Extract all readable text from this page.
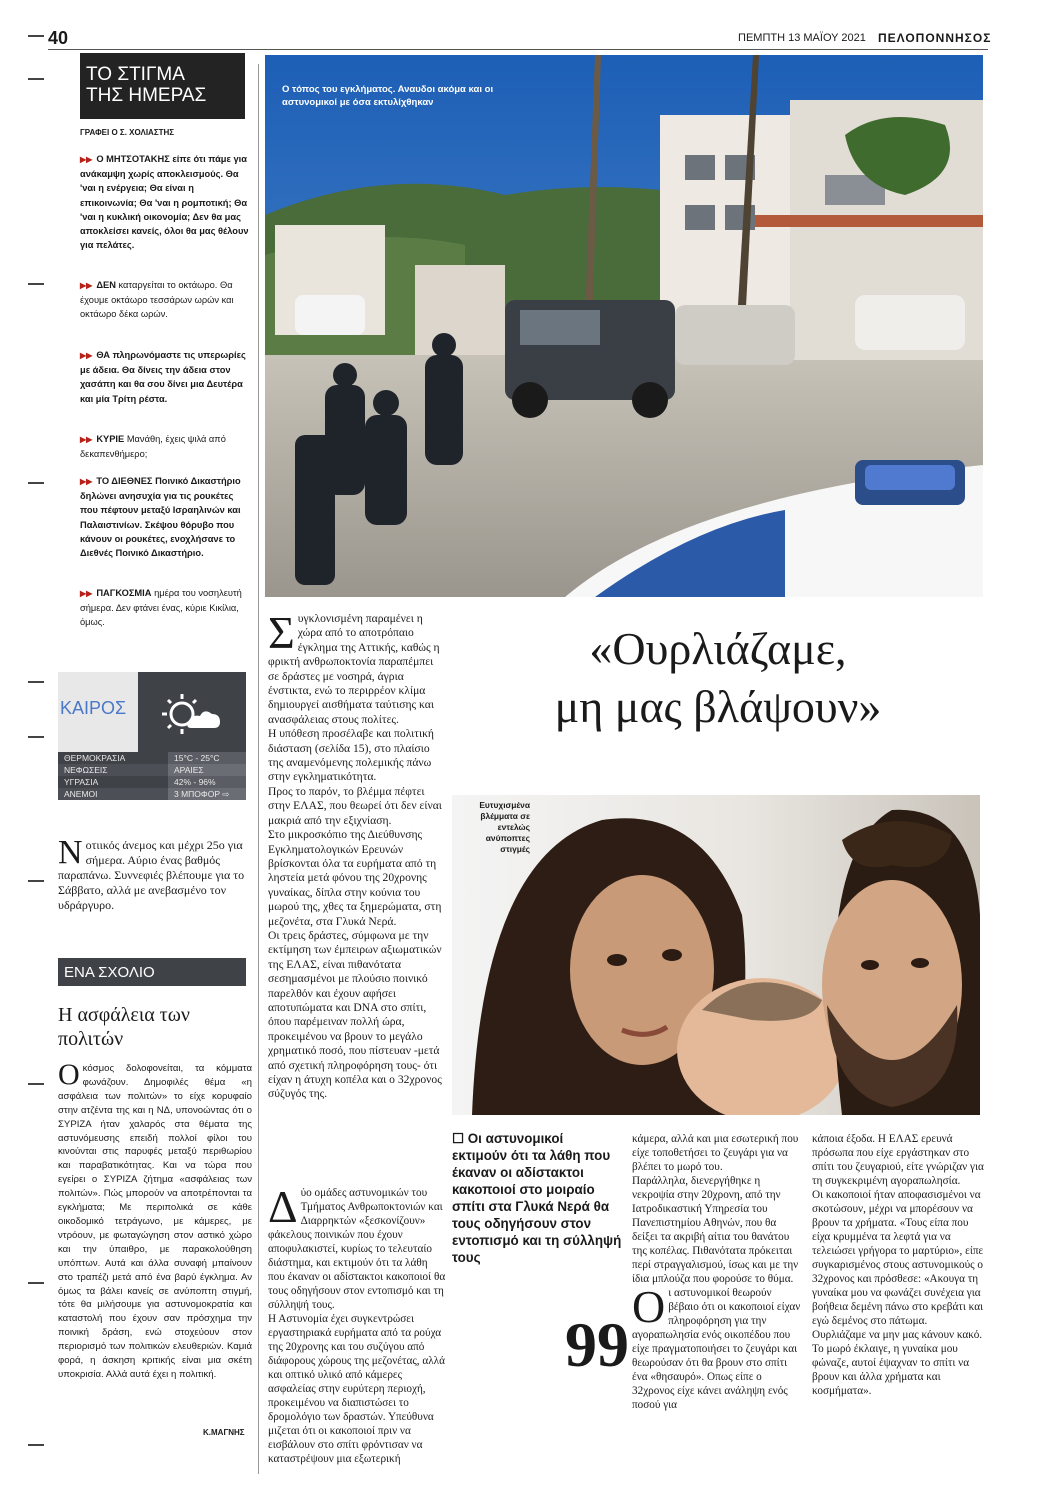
40	ΠΕΜΠΤΗ 13 ΜΑΪΟΥ 2021 ΠΕΛΟΠΟΝΝΗΣΟΣ
ΤΟ ΣΤΙΓΜΑ
ΤΗΣ ΗΜΕΡΑΣ
ΓΡΑΦΕΙ Ο Σ. ΧΟΛΙΑΣΤΗΣ
▶▶ Ο ΜΗΤΣΟΤΑΚΗΣ είπε ότι πάμε για ανάκαμψη χωρίς αποκλεισμούς. Θα 'ναι η ενέργεια; Θα είναι η επικοινωνία; Θα 'ναι η ρομποτική; Θα 'ναι η κυκλική οικονομία; Δεν θα μας αποκλείσει κανείς, όλοι θα μας θέλουν για πελάτες.
▶▶ ΔΕΝ καταργείται το οκτάωρο. Θα έχουμε οκτάωρο τεσσάρων ωρών και οκτάωρο δέκα ωρών.
▶▶ ΘΑ πληρωνόμαστε τις υπερωρίες με άδεια. Θα δίνεις την άδεια στον χασάπη και θα σου δίνει μια Δευτέρα και μία Τρίτη ρέστα.
▶▶ ΚΥΡΙΕ Μανάθη, έχεις ψιλά από δεκαπενθήμερο;
▶▶ ΤΟ ΔΙΕΘΝΕΣ Ποινικό Δικαστήριο δηλώνει ανησυχία για τις ρουκέτες που πέφτουν μεταξύ Ισραηλινών και Παλαιστινίων. Σκέψου θόρυβο που κάνουν οι ρουκέτες, ενοχλήσανε το Διεθνές Ποινικό Δικαστήριο.
▶▶ ΠΑΓΚΟΣΜΙΑ ημέρα του νοσηλευτή σήμερα. Δεν φτάνει ένας, κύριε Κικίλια, όμως.
ΚΑΙΡΟΣ
ΘΕΡΜΟΚΡΑΣΙΑ	15°C - 25°C
ΝΕΦΩΣΕΙΣ	ΑΡΑΙΕΣ
ΥΓΡΑΣΙΑ	42% - 96%
ΑΝΕΜΟΙ	3 ΜΠΟΦΟΡ ⇨
Νοτιικός άνεμος και μέχρι 25ο για σήμερα. Αύριο ένας βαθμός παραπάνω. Συννεφιές βλέπουμε για το Σάββατο, αλλά με ανεβασμένο τον υδράργυρο.
ΕΝΑ ΣΧΟΛΙΟ
Η ασφάλεια των πολιτών
Οκόσμος δολοφονείται, τα κόμματα φωνάζουν. Δημοφιλές θέμα «η ασφάλεια των πολιτών» το είχε κορυφαίο στην ατζέντα της και η ΝΔ, υπονοώντας ότι ο ΣΥΡΙΖΑ ήταν χαλαρός στα θέματα της αστυνόμευσης επειδή πολλοί φίλοι του κινούνται στις παρυφές μεταξύ περιθωρίου και παραβατικότητας. Και να τώρα που εγείρει ο ΣΥΡΙΖΑ ζήτημα «ασφάλειας των πολιτών». Πώς μπορούν να αποτρέπονται τα εγκλήματα; Με περιπολικά σε κάθε οικοδομικό τετράγωνο, με κάμερες, με ντρόουν, με φωταγώγηση στον αστικό χώρο και την ύπαιθρο, με παρακολούθηση υπόπτων. Αυτά και άλλα συναφή μπαίνουν στο τραπέζι μετά από ένα βαρύ έγκλημα. Αν όμως τα βάλει κανείς σε ανύποπτη στιγμή, τότε θα μιλήσουμε για αστυνομοκρατία και καταστολή που έχουν σαν πρόσχημα την ποινική δράση, ενώ στοχεύουν στον περιορισμό των πολιτικών ελευθεριών. Καμιά φορά, η άσκηση κριτικής είναι μια σκέτη υποκρισία. Αλλά αυτά έχει η πολιτική.
Κ.ΜΑΓΝΗΣ
Ο τόπος του εγκλήματος. Αναυδοι ακόμα και οι αστυνομικοί με όσα εκτυλίχθηκαν
Συγκλονισμένη παραμένει η χώρα από το αποτρόπαιο έγκλημα της Αττικής, καθώς η φρικτή ανθρωποκτονία παραπέμπει σε δράστες με νοσηρά, άγρια ένστικτα, ενώ το περιρρέον κλίμα δημιουργεί αισθήματα ταύτισης και ανασφάλειας στους πολίτες.
Η υπόθεση προσέλαβε και πολιτική διάσταση (σελίδα 15), στο πλαίσιο της αναμενόμενης πολεμικής πάνω στην εγκληματικότητα.
Προς το παρόν, το βλέμμα πέφτει στην ΕΛΑΣ, που θεωρεί ότι δεν είναι μακριά από την εξιχνίαση.
Στο μικροσκόπιο της Διεύθυνσης Εγκληματολογικών Ερευνών βρίσκονται όλα τα ευρήματα από τη ληστεία μετά φόνου της 20χρονης γυναίκας, δίπλα στην κούνια του μωρού της, χθες τα ξημερώματα, στη μεζονέτα, στα Γλυκά Νερά.
Οι τρεις δράστες, σύμφωνα με την εκτίμηση των έμπειρων αξιωματικών της ΕΛΑΣ, είναι πιθανότατα σεσημασμένοι με πλούσιο ποινικό παρελθόν και έχουν αφήσει αποτυπώματα και DNA στο σπίτι, όπου παρέμειναν πολλή ώρα, προκειμένου να βρουν το μεγάλο χρηματικό ποσό, που πίστευαν -μετά από σχετική πληροφόρηση τους- ότι είχαν η άτυχη κοπέλα και ο 32χρονος σύζυγός της.
Δύο ομάδες αστυνομικών του Τμήματος Ανθρωποκτονιών και Διαρρηκτών «ξεσκονίζουν» φάκελους ποινικών που έχουν αποφυλακιστεί, κυρίως το τελευταίο διάστημα, και εκτιμούν ότι τα λάθη που έκαναν οι αδίστακτοι κακοποιοί θα τους οδηγήσουν στον εντοπισμό και τη σύλληψή τους.
Η Αστυνομία έχει συγκεντρώσει εργαστηριακά ευρήματα από τα ρούχα της 20χρονης και του συζύγου από διάφορους χώρους της μεζονέτας, αλλά και οπτικό υλικό από κάμερες ασφαλείας στην ευρύτερη περιοχή, προκειμένου να διαπιστώσει το δρομολόγιο των δραστών. Υπεύθυνα μιζεται ότι οι κακοποιοί πριν να εισβάλουν στο σπίτι φρόντισαν να καταστρέψουν μια εξωτερική
«Ουρλιάζαμε,
μη μας βλάψουν»
Ευτυχισμένα βλέμματα σε εντελώς ανύποπτες στιγμές
☐ Οι αστυνομικοί εκτιμούν ότι τα λάθη που έκαναν οι αδίστακτοι κακοποιοί στο μοιραίο σπίτι στα Γλυκά Νερά θα τους οδηγήσουν στον εντοπισμό και τη σύλληψή τους
99
κάμερα, αλλά και μια εσωτερική που είχε τοποθετήσει το ζευγάρι για να βλέπει το μωρό του.
Παράλληλα, διενεργήθηκε η νεκροψία στην 20χρονη, από την Ιατροδικαστική Υπηρεσία του Πανεπιστημίου Αθηνών, που θα δείξει τα ακριβή αίτια του θανάτου της κοπέλας. Πιθανότατα πρόκειται περί στραγγαλισμού, ίσως και με την ίδια μπλούζα που φορούσε το θύμα.

Ο ι αστυνομικοί θεωρούν βέβαιο ότι οι κακοποιοί είχαν πληροφόρηση για την αγοραπωλησία ενός οικοπέδου που είχε πραγματοποιήσει το ζευγάρι και θεωρούσαν ότι θα βρουν στο σπίτι ένα «θησαυρό». Οπως είπε ο 32χρονος είχε κάνει ανάληψη ενός ποσού για
κάποια έξοδα. Η ΕΛΑΣ ερευνά πρόσωπα που είχε εργάστηκαν στο σπίτι του ζευγαριού, είτε γνώριζαν για τη συγκεκριμένη αγοραπωλησία.
Οι κακοποιοί ήταν αποφασισμένοι να σκοτώσουν, μέχρι να μπορέσουν να βρουν τα χρήματα. «Τους είπα που είχα κρυμμένα τα λεφτά για να τελειώσει γρήγορα το μαρτύριο», είπε συγκαρισμένος στους αστυνομικούς ο 32χρονος και πρόσθεσε: «Ακουγα τη γυναίκα μου να φωνάζει συνέχεια για βοήθεια δεμένη πάνω στο κρεβάτι και εγώ δεμένος στο πάτωμα. Ουρλιάζαμε να μην μας κάνουν κακό. Το μωρό έκλαιγε, η γυναίκα μου φώναζε, αυτοί έψαχναν το σπίτι να βρουν και άλλα χρήματα και κοσμήματα».
